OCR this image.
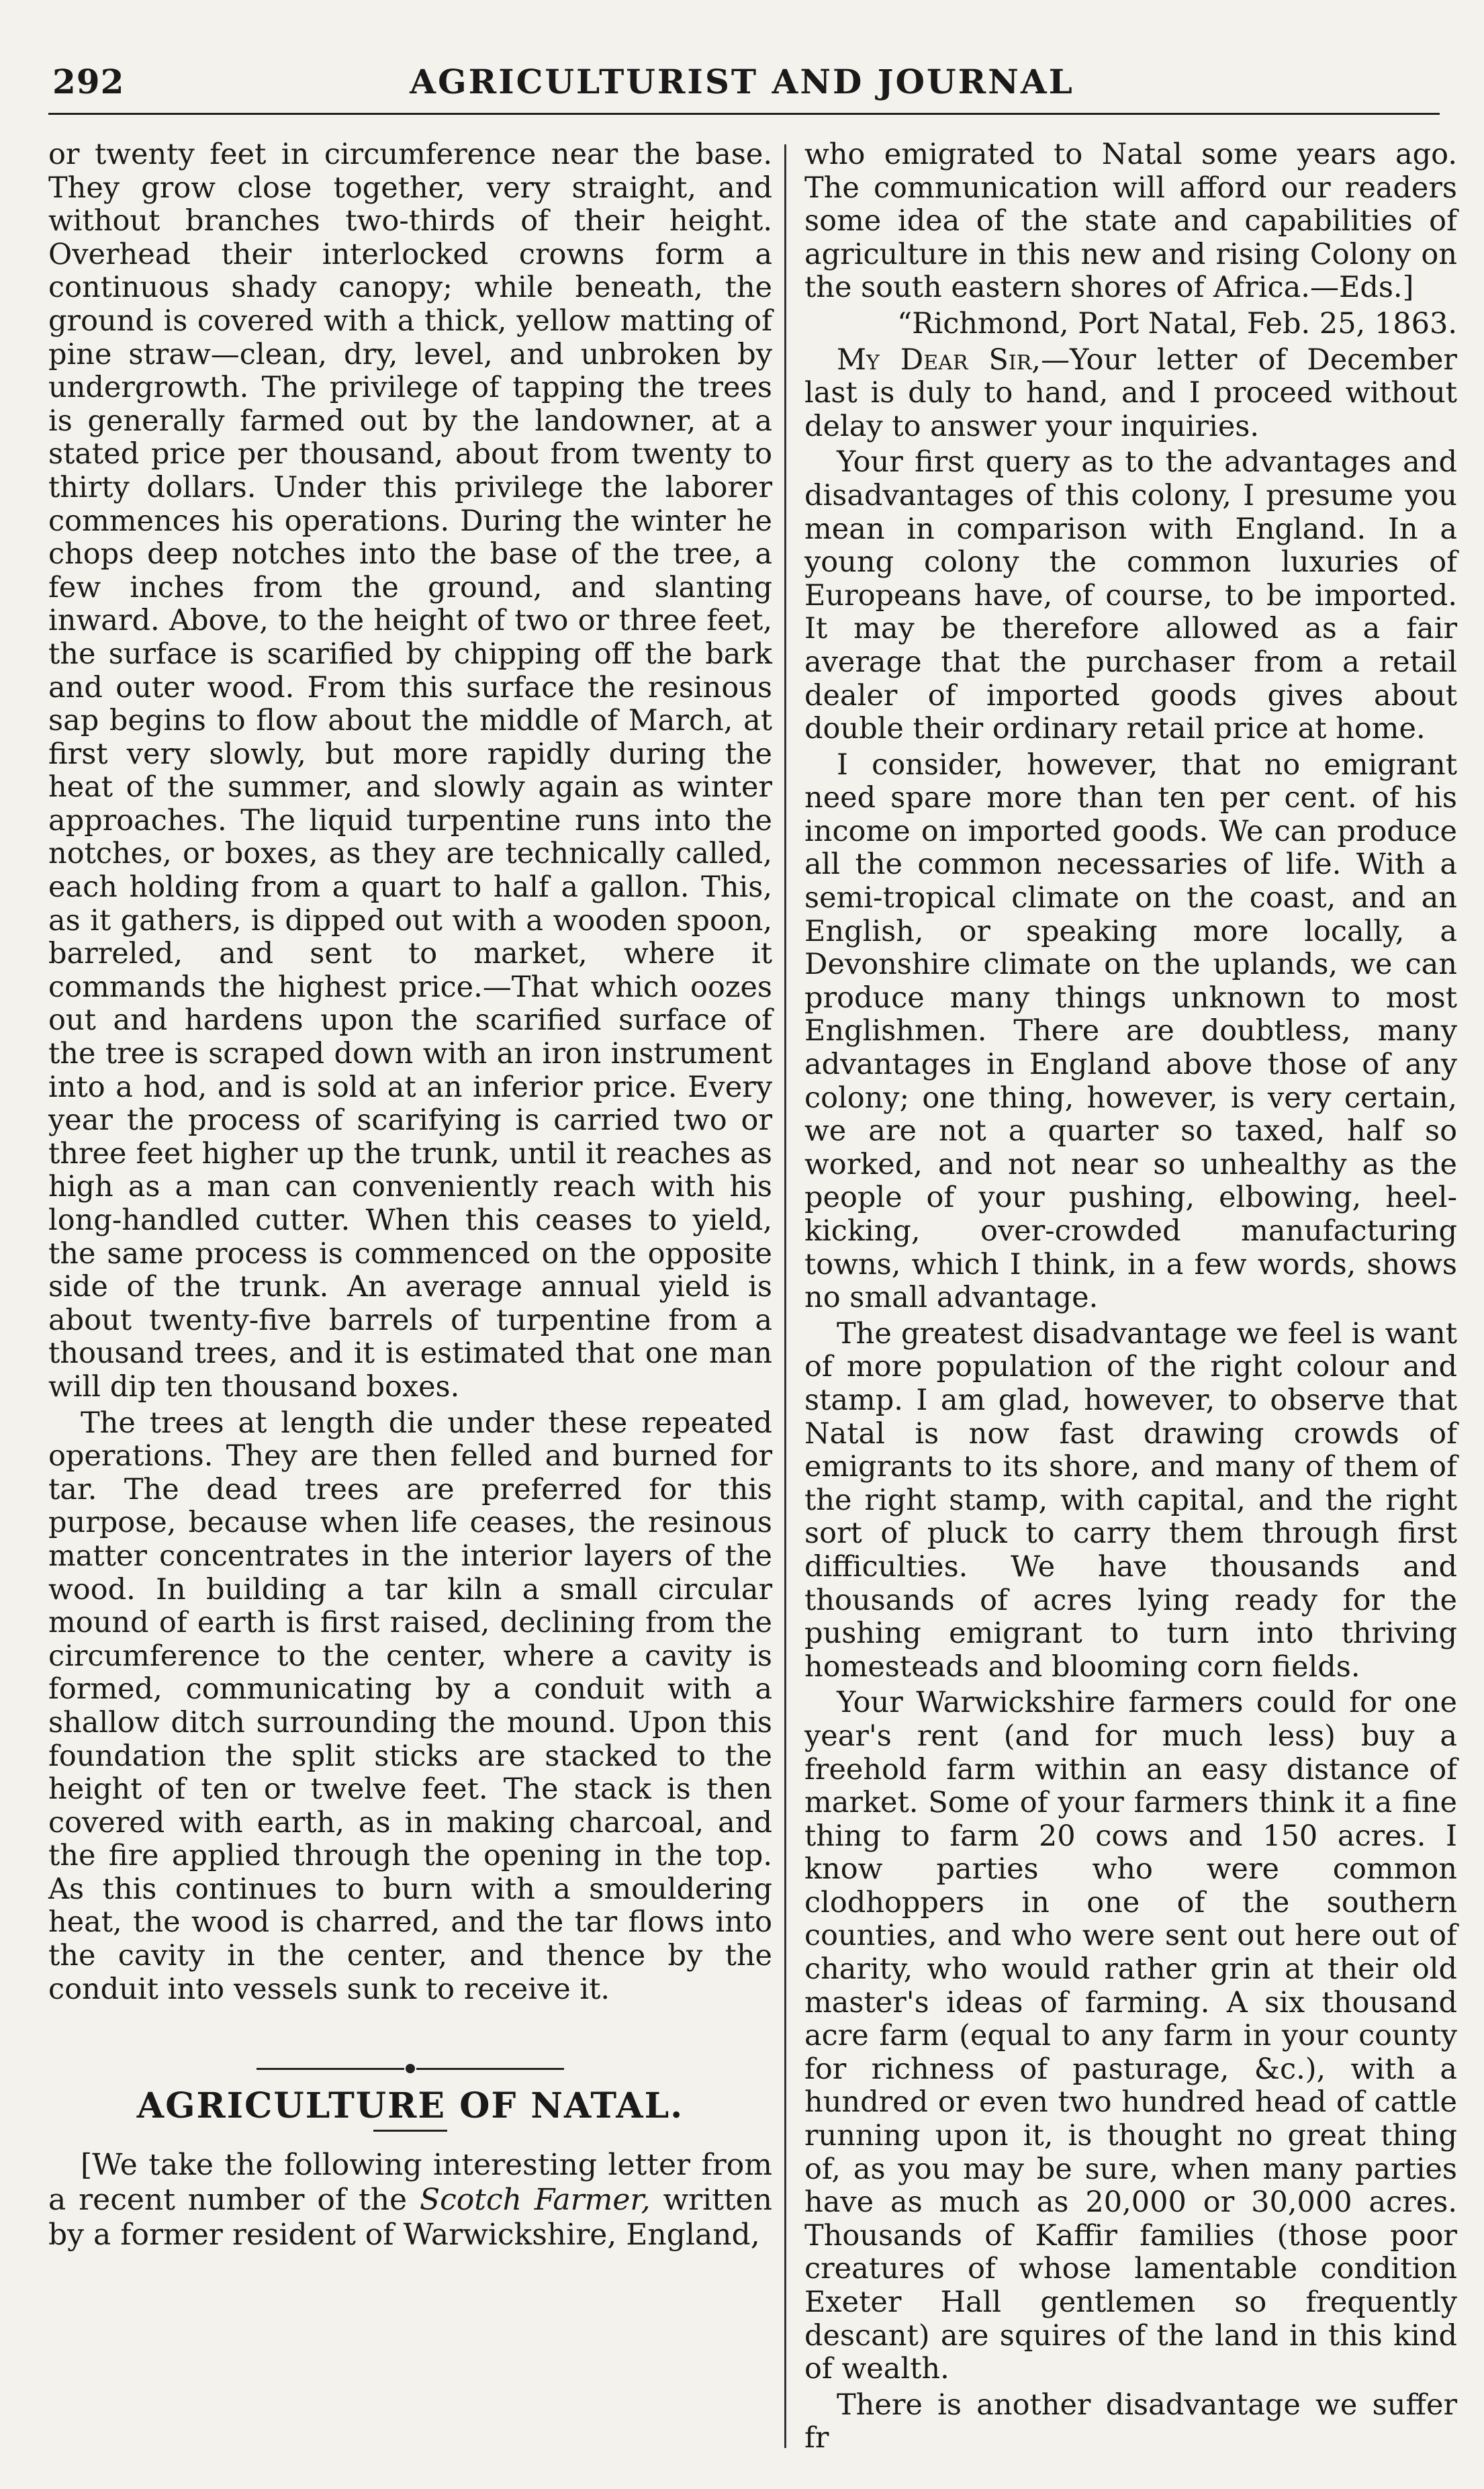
292	AGRICULTURIST AND JOURNAL

or twenty feet in circumference near the base. They grow close together, very straight, and without branches two-thirds of their height. Overhead their interlocked crowns form a continuous shady canopy; while beneath, the ground is covered with a thick, yellow matting of pine straw—clean, dry, level, and unbroken by undergrowth. The privilege of tapping the trees is generally farmed out by the landowner, at a stated price per thousand, about from twenty to thirty dollars. Under this privilege the laborer commences his operations. During the winter he chops deep notches into the base of the tree, a few inches from the ground, and slanting inward. Above, to the height of two or three feet, the surface is scarified by chipping off the bark and outer wood. From this surface the resinous sap begins to flow about the middle of March, at first very slowly, but more rapidly during the heat of the summer, and slowly again as winter approaches. The liquid turpentine runs into the notches, or boxes, as they are technically called, each holding from a quart to half a gallon. This, as it gathers, is dipped out with a wooden spoon, barreled, and sent to market, where it commands the highest price.—That which oozes out and hardens upon the scarified surface of the tree is scraped down with an iron instrument into a hod, and is sold at an inferior price. Every year the process of scarifying is carried two or three feet higher up the trunk, until it reaches as high as a man can conveniently reach with his long-handled cutter. When this ceases to yield, the same process is commenced on the opposite side of the trunk. An average annual yield is about twenty-five barrels of turpentine from a thousand trees, and it is estimated that one man will dip ten thousand boxes.

The trees at length die under these repeated operations. They are then felled and burned for tar. The dead trees are preferred for this purpose, because when life ceases, the resinous matter concentrates in the interior layers of the wood. In building a tar kiln a small circular mound of earth is first raised, declining from the circumference to the center, where a cavity is formed, communicating by a conduit with a shallow ditch surrounding the mound. Upon this foundation the split sticks are stacked to the height of ten or twelve feet. The stack is then covered with earth, as in making charcoal, and the fire applied through the opening in the top. As this continues to burn with a smouldering heat, the wood is charred, and the tar flows into the cavity in the center, and thence by the conduit into vessels sunk to receive it.

AGRICULTURE OF NATAL.

[We take the following interesting letter from a recent number of the Scotch Farmer, written by a former resident of Warwickshire, England,

who emigrated to Natal some years ago. The communication will afford our readers some idea of the state and capabilities of agriculture in this new and rising Colony on the south eastern shores of Africa.—Eds.]

“Richmond, Port Natal, Feb. 25, 1863.

My Dear Sir,—Your letter of December last is duly to hand, and I proceed without delay to answer your inquiries.

Your first query as to the advantages and disadvantages of this colony, I presume you mean in comparison with England. In a young colony the common luxuries of Europeans have, of course, to be imported. It may be therefore allowed as a fair average that the purchaser from a retail dealer of imported goods gives about double their ordinary retail price at home.

I consider, however, that no emigrant need spare more than ten per cent. of his income on imported goods. We can produce all the common necessaries of life. With a semi-tropical climate on the coast, and an English, or speaking more locally, a Devonshire climate on the uplands, we can produce many things unknown to most Englishmen. There are doubtless, many advantages in England above those of any colony; one thing, however, is very certain, we are not a quarter so taxed, half so worked, and not near so unhealthy as the people of your pushing, elbowing, heel-kicking, over-crowded manufacturing towns, which I think, in a few words, shows no small advantage.

The greatest disadvantage we feel is want of more population of the right colour and stamp. I am glad, however, to observe that Natal is now fast drawing crowds of emigrants to its shore, and many of them of the right stamp, with capital, and the right sort of pluck to carry them through first difficulties. We have thousands and thousands of acres lying ready for the pushing emigrant to turn into thriving homesteads and blooming corn fields.

Your Warwickshire farmers could for one year's rent (and for much less) buy a freehold farm within an easy distance of market. Some of your farmers think it a fine thing to farm 20 cows and 150 acres. I know parties who were common clodhoppers in one of the southern counties, and who were sent out here out of charity, who would rather grin at their old master's ideas of farming. A six thousand acre farm (equal to any farm in your county for richness of pasturage, &c.), with a hundred or even two hundred head of cattle running upon it, is thought no great thing of, as you may be sure, when many parties have as much as 20,000 or 30,000 acres. Thousands of Kaffir families (those poor creatures of whose lamentable condition Exeter Hall gentlemen so frequently descant) are squires of the land in this kind of wealth.

There is another disadvantage we suffer fr
